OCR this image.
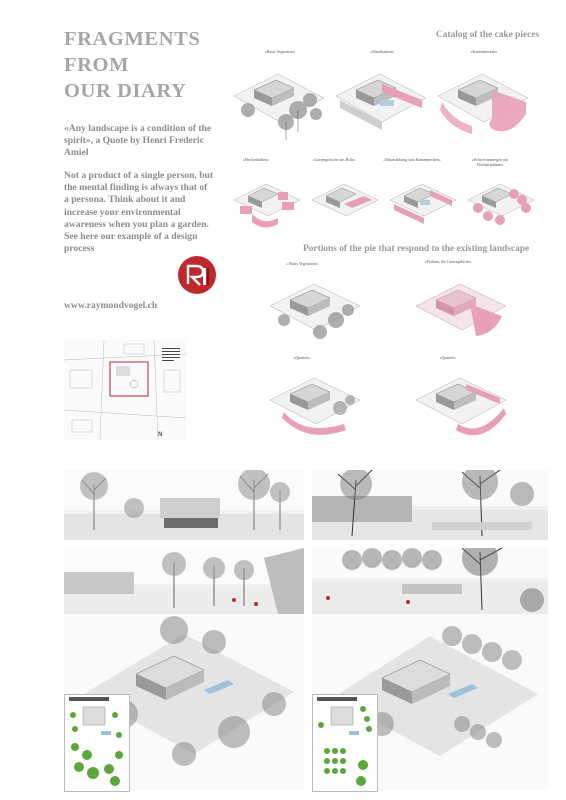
FRAGMENTS
FROM
OUR DIARY
«Any landscape is a condition of the spirit», a Quote by Henri Frederic Amiel
Not a product of a single person, but the mental finding is always that of a persona. Think about it and increase your environmental awareness when you plan a garden. See here our example of a design process
www.raymondvogel.ch
N
Catalog of the cake pieces
Portions of the pie that respond to the existing landscape
«Basis Vegetation»	«Wandkanten»	«Kantenhecken»
«Heckenkuben»	«Gartenpritsche aus Holz»	«Mauerabhang statt Kantenhecken»	«Schwertanstiegen mit Tessinerpalmen»
« Basis Vegetation»	«Podium, die Gartenpfläche»
«Quartett»	«Quartett»
